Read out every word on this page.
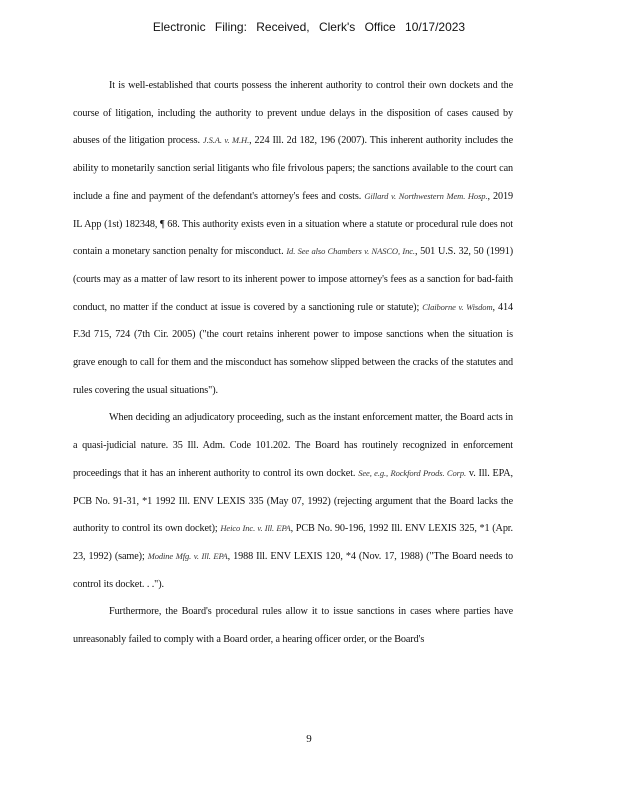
Electronic Filing: Received, Clerk's Office 10/17/2023

It is well-established that courts possess the inherent authority to control their own dockets and the course of litigation, including the authority to prevent undue delays in the disposition of cases caused by abuses of the litigation process. J.S.A. v. M.H., 224 Ill. 2d 182, 196 (2007). This inherent authority includes the ability to monetarily sanction serial litigants who file frivolous papers; the sanctions available to the court can include a fine and payment of the defendant's attorney's fees and costs. Gillard v. Northwestern Mem. Hosp., 2019 IL App (1st) 182348, ¶ 68. This authority exists even in a situation where a statute or procedural rule does not contain a monetary sanction penalty for misconduct. Id. See also Chambers v. NASCO, Inc., 501 U.S. 32, 50 (1991) (courts may as a matter of law resort to its inherent power to impose attorney's fees as a sanction for bad-faith conduct, no matter if the conduct at issue is covered by a sanctioning rule or statute); Claiborne v. Wisdom, 414 F.3d 715, 724 (7th Cir. 2005) ("the court retains inherent power to impose sanctions when the situation is grave enough to call for them and the misconduct has somehow slipped between the cracks of the statutes and rules covering the usual situations").

When deciding an adjudicatory proceeding, such as the instant enforcement matter, the Board acts in a quasi-judicial nature. 35 Ill. Adm. Code 101.202. The Board has routinely recognized in enforcement proceedings that it has an inherent authority to control its own docket. See, e.g., Rockford Prods. Corp. v. Ill. EPA, PCB No. 91-31, *1 1992 Ill. ENV LEXIS 335 (May 07, 1992) (rejecting argument that the Board lacks the authority to control its own docket); Heico Inc. v. Ill. EPA, PCB No. 90-196, 1992 Ill. ENV LEXIS 325, *1 (Apr. 23, 1992) (same); Modine Mfg. v. Ill. EPA, 1988 Ill. ENV LEXIS 120, *4 (Nov. 17, 1988) ("The Board needs to control its docket. . .").

Furthermore, the Board's procedural rules allow it to issue sanctions in cases where parties have unreasonably failed to comply with a Board order, a hearing officer order, or the Board's

9
